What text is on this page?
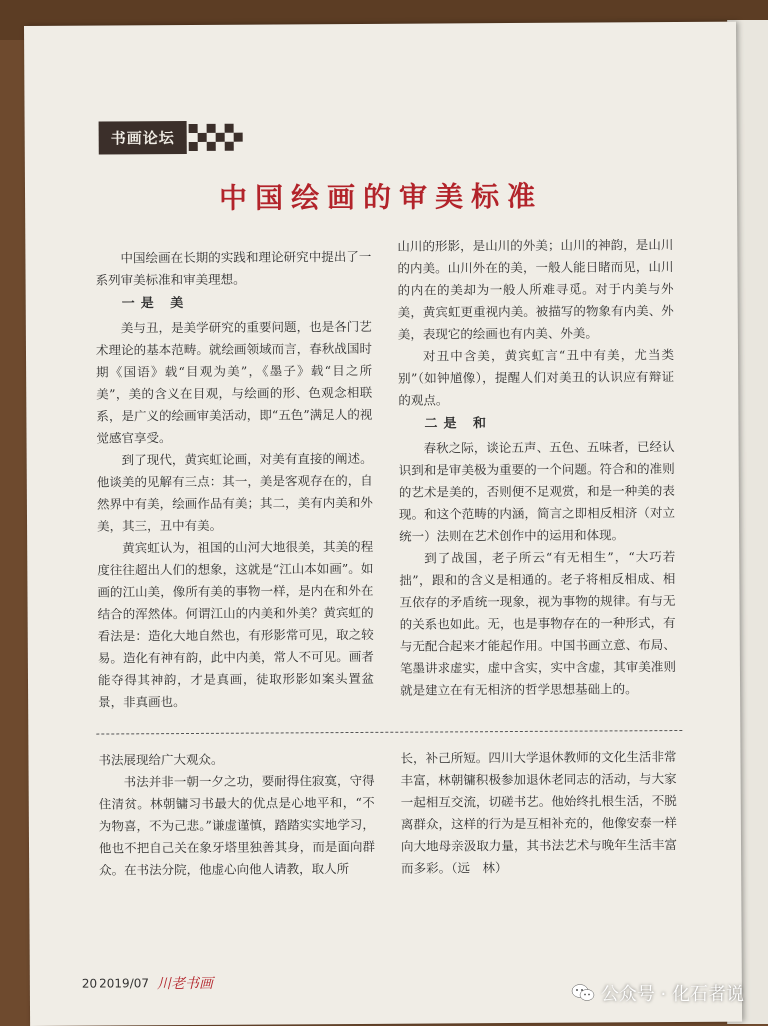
书画论坛
中国绘画的审美标准

中国绘画在长期的实践和理论研究中提出了一系列审美标准和审美理想。

一是 美

美与丑，是美学研究的重要问题，也是各门艺术理论的基本范畴。就绘画领域而言，春秋战国时期《国语》载“目观为美”，《墨子》载“目之所美”，美的含义在目观，与绘画的形、色观念相联系，是广义的绘画审美活动，即“五色”满足人的视觉感官享受。

到了现代，黄宾虹论画，对美有直接的阐述。他谈美的见解有三点：其一，美是客观存在的，自然界中有美，绘画作品有美；其二，美有内美和外美，其三，丑中有美。

黄宾虹认为，祖国的山河大地很美，其美的程度往往超出人们的想象，这就是“江山本如画”。如画的江山美，像所有美的事物一样，是内在和外在结合的浑然体。何谓江山的内美和外美？黄宾虹的看法是：造化大地自然也，有形影常可见，取之较易。造化有神有韵，此中内美，常人不可见。画者能夺得其神韵，才是真画，徒取形影如案头置盆景，非真画也。

山川的形影，是山川的外美；山川的神韵，是山川的内美。山川外在的美，一般人能日睹而见，山川的内在的美却为一般人所难寻觅。对于内美与外美，黄宾虹更重视内美。被描写的物象有内美、外美，表现它的绘画也有内美、外美。

对丑中含美，黄宾虹言“丑中有美，尤当类别”（如钟馗像），提醒人们对美丑的认识应有辩证的观点。

二是 和

春秋之际，谈论五声、五色、五味者，已经认识到和是审美极为重要的一个问题。符合和的准则的艺术是美的，否则便不足观赏，和是一种美的表现。和这个范畴的内涵，简言之即相反相济（对立统一）法则在艺术创作中的运用和体现。

到了战国，老子所云“有无相生”，“大巧若拙”，跟和的含义是相通的。老子将相反相成、相互依存的矛盾统一现象，视为事物的规律。有与无的关系也如此。无，也是事物存在的一种形式，有与无配合起来才能起作用。中国书画立意、布局、笔墨讲求虚实，虚中含实，实中含虚，其审美准则就是建立在有无相济的哲学思想基础上的。

书法展现给广大观众。

书法并非一朝一夕之功，要耐得住寂寞，守得住清贫。林朝镛习书最大的优点是心地平和，“不为物喜，不为己悲。”谦虚谨慎，踏踏实实地学习，他也不把自己关在象牙塔里独善其身，而是面向群众。在书法分院，他虚心向他人请教，取人所

长，补己所短。四川大学退休教师的文化生活非常丰富，林朝镛积极参加退休老同志的活动，与大家一起相互交流，切磋书艺。他始终扎根生活，不脱离群众，这样的行为是互相补充的，他像安泰一样向大地母亲汲取力量，其书法艺术与晚年生活丰富而多彩。（远　林）

20 2019/07 川老书画	公众号 · 化石者说
